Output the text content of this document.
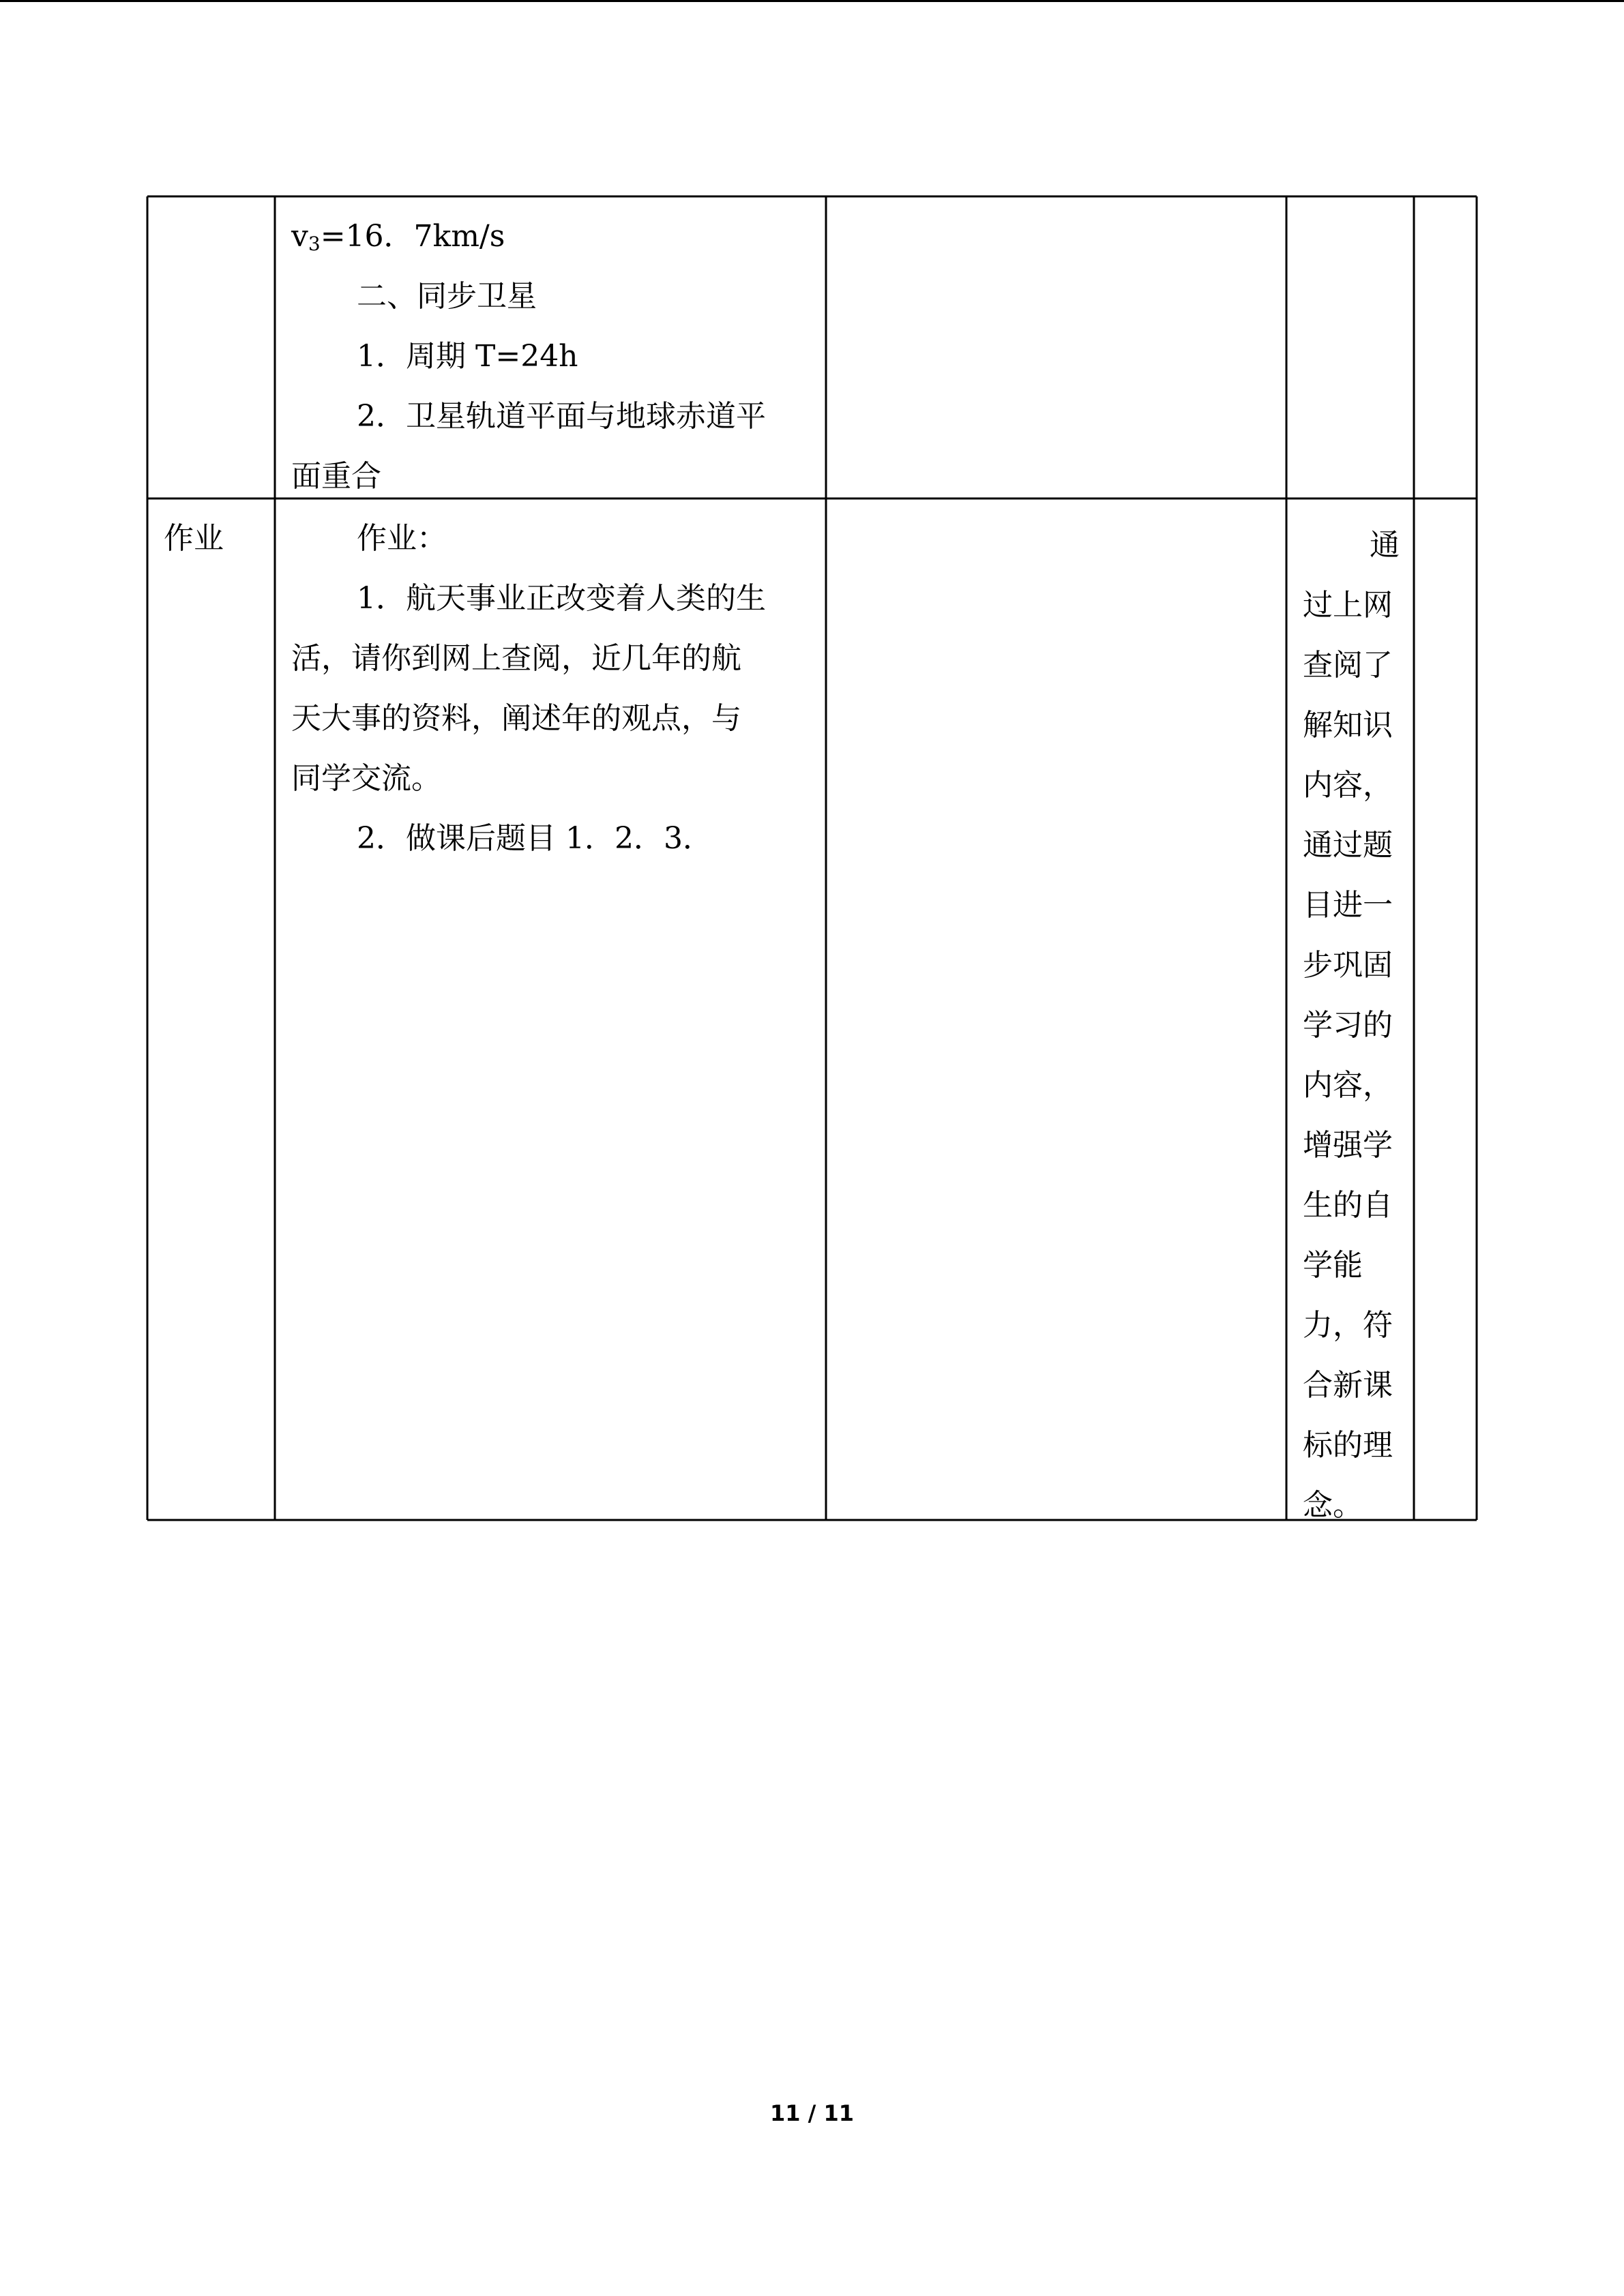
$v_3=16$．7km/s
二、同步卫星
1．周期 T=24h
2．卫星轨道平面与地球赤道平
面重合
作业	作业：
1．航天事业正改变着人类的生
活，请你到网上查阅，近几年的航
天大事的资料，阐述年的观点，与
同学交流。
2．做课后题目 1．2．3．
通
过上网
查阅了
解知识
内容，
通过题
目进一
步巩固
学习的
内容，
增强学
生的自
学能
力，符
合新课
标的理
念。
11 / 11
